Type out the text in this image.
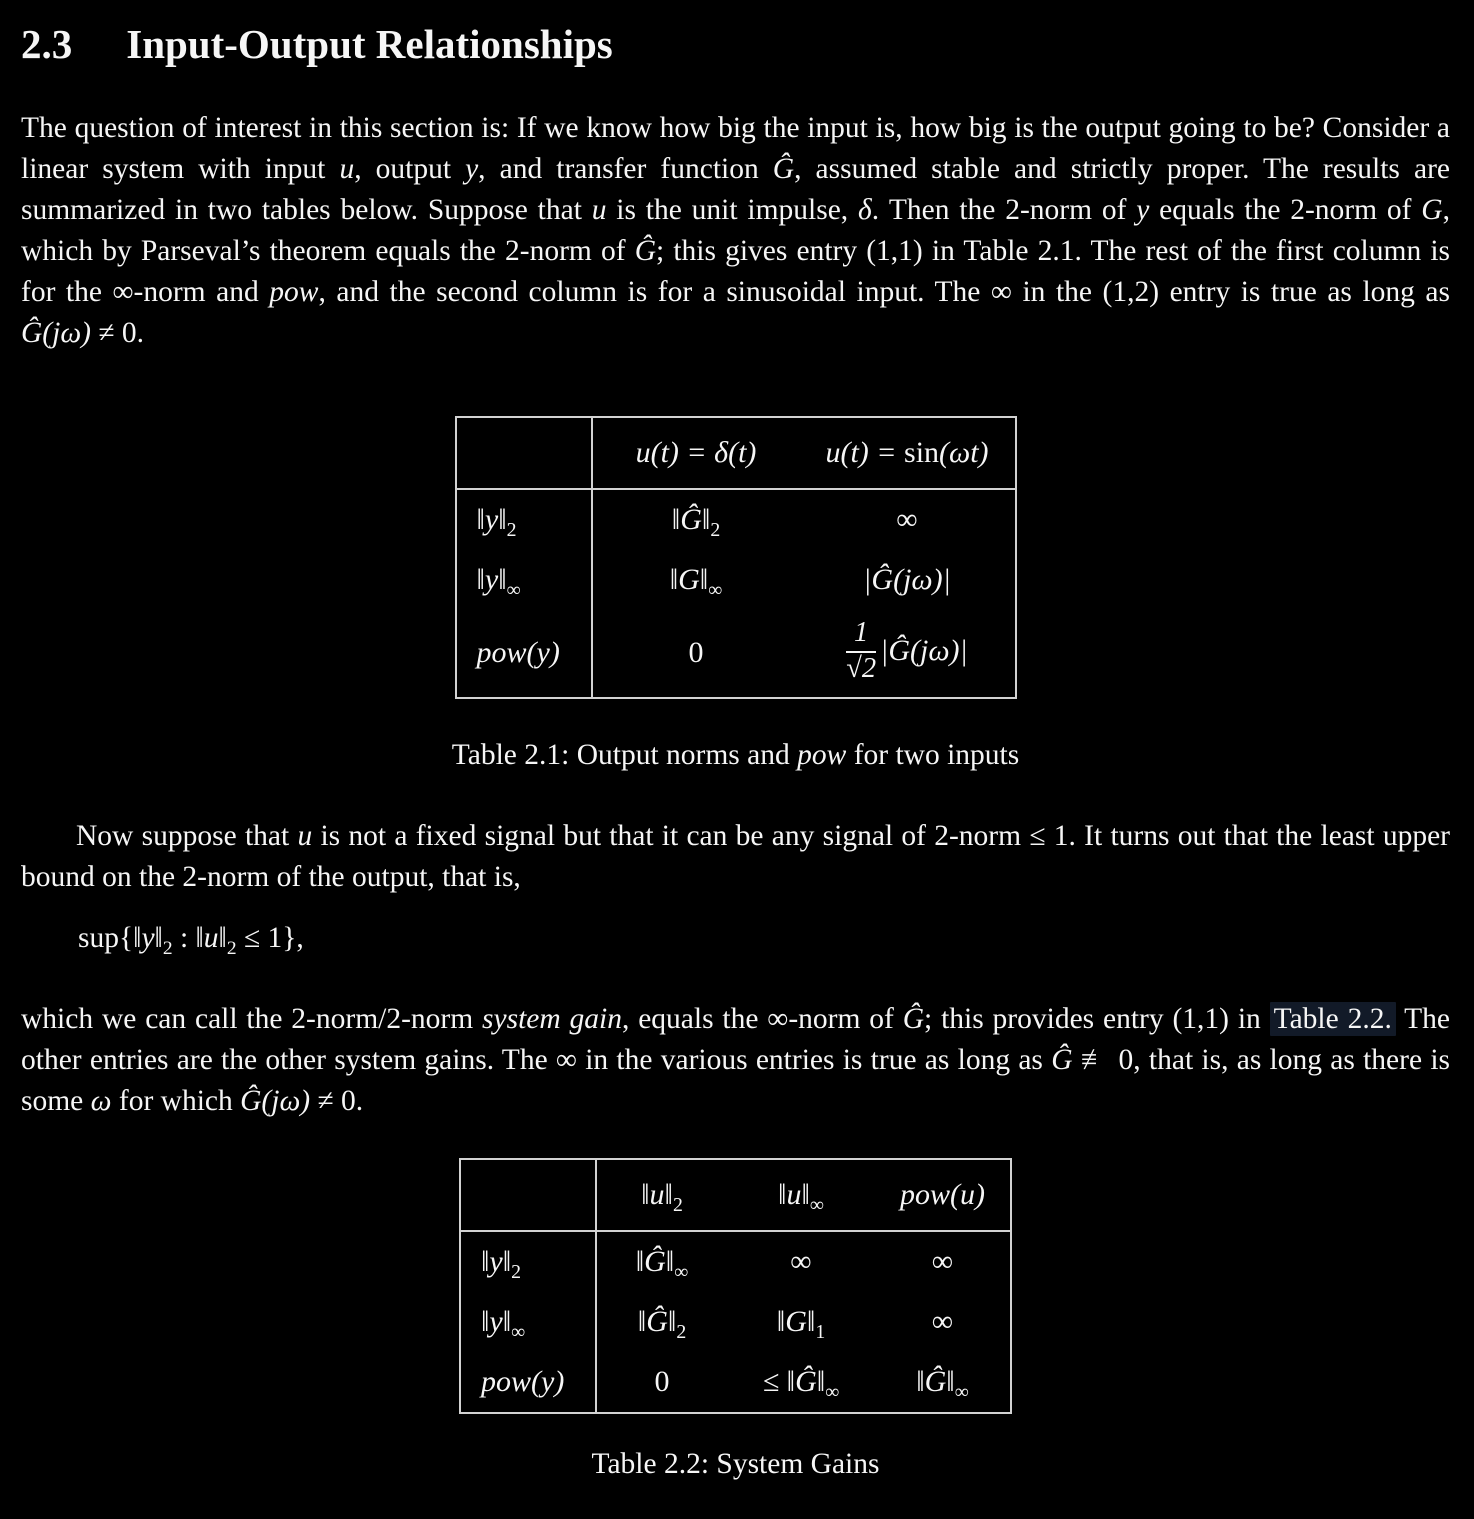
2.3 Input-Output Relationships

The question of interest in this section is: If we know how big the input is, how big is the output going to be? Consider a linear system with input u, output y, and transfer function Ĝ, assumed stable and strictly proper. The results are summarized in two tables below. Suppose that u is the unit impulse, δ. Then the 2-norm of y equals the 2-norm of G, which by Parseval’s theorem equals the 2-norm of Ĝ; this gives entry (1,1) in Table 2.1. The rest of the first column is for the ∞-norm and pow, and the second column is for a sinusoidal input. The ∞ in the (1,2) entry is true as long as Ĝ(jω) ≠ 0.

	u(t) = δ(t)	u(t) = sin(ωt)
$‖y‖_2$	$‖Ĝ‖_2$	∞
$‖y‖_\infty$	$‖G‖_\infty$	|Ĝ(jω)|
pow(y)	0	$\frac{1}{√2}$ |Ĝ(jω)|
Table 2.1: Output norms and pow for two inputs

Now suppose that u is not a fixed signal but that it can be any signal of 2-norm ≤ 1. It turns out that the least upper bound on the 2-norm of the output, that is,

$sup\{‖y‖_2$ : $‖u‖_2 \le 1$},

which we can call the 2-norm/2-norm system gain, equals the ∞-norm of Ĝ; this provides entry (1,1) in Table 2.2. The other entries are the other system gains. The ∞ in the various entries is true as long as Ĝ ≢ 0, that is, as long as there is some ω for which Ĝ(jω) ≠ 0.

	$‖u‖_2$	$‖u‖_\infty$	pow(u)
$‖y‖_2$	$‖Ĝ‖_\infty$	∞	∞
$‖y‖_\infty$	$‖Ĝ‖_2$	$‖G‖_1$	∞
pow(y)	0	≤ $‖Ĝ‖_\infty$	$‖Ĝ‖_\infty$
Table 2.2: System Gains
